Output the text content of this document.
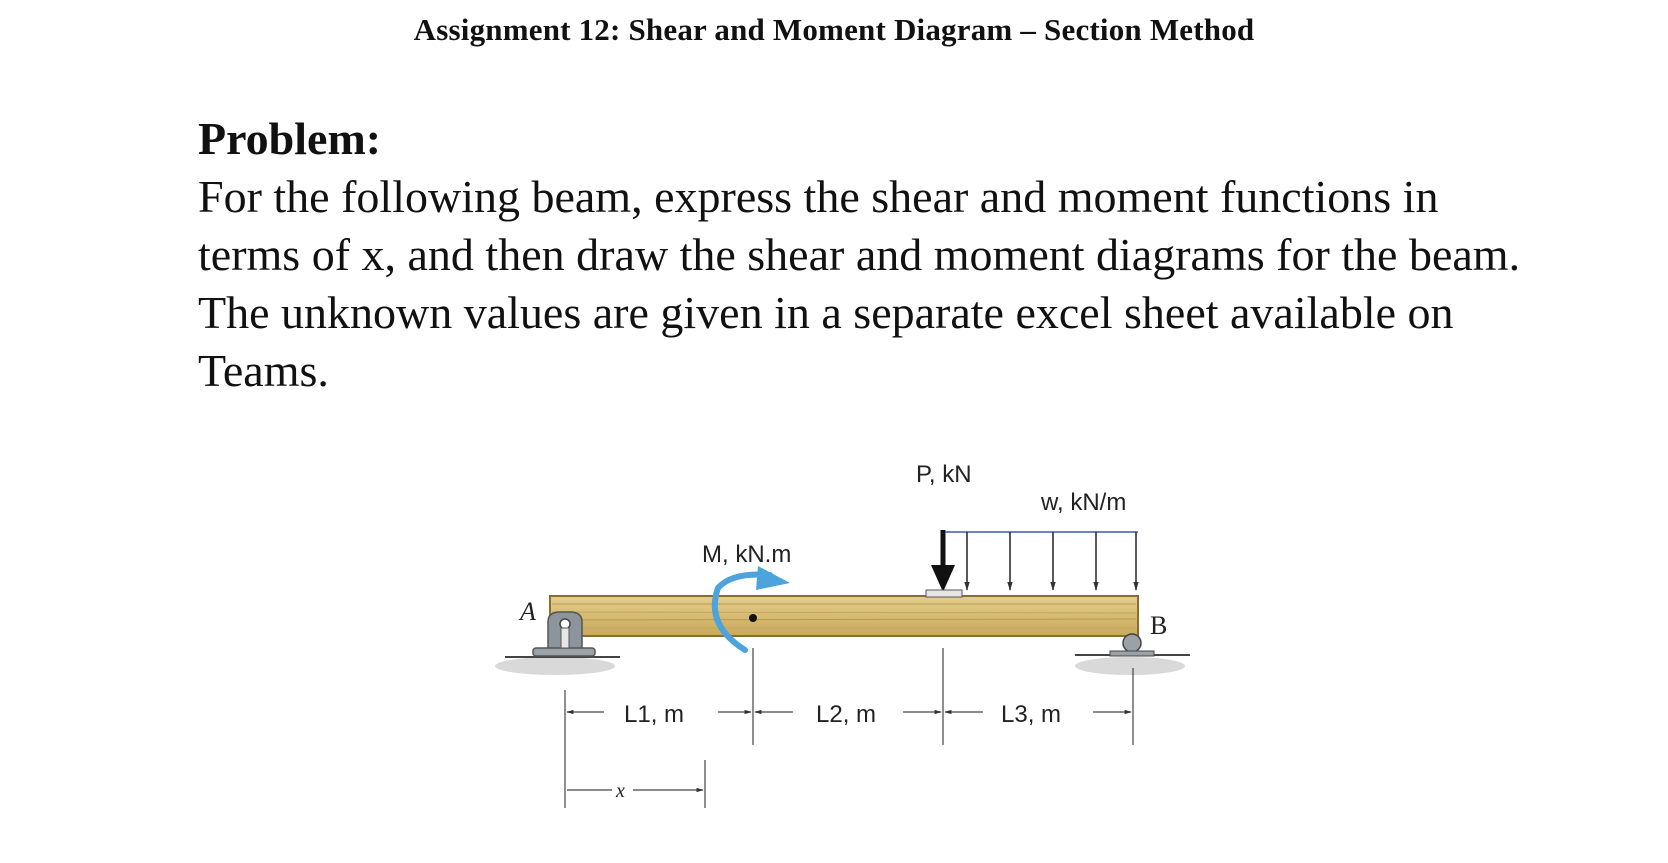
Assignment 12: Shear and Moment Diagram – Section Method
Problem:

For the following beam, express the shear and moment functions in terms of x, and then draw the shear and moment diagrams for the beam.

The unknown values are given in a separate excel sheet available on Teams.

A	B
M, kN.m
P, kN
w, kN/m
L1, m	L2, m	L3, m
x
